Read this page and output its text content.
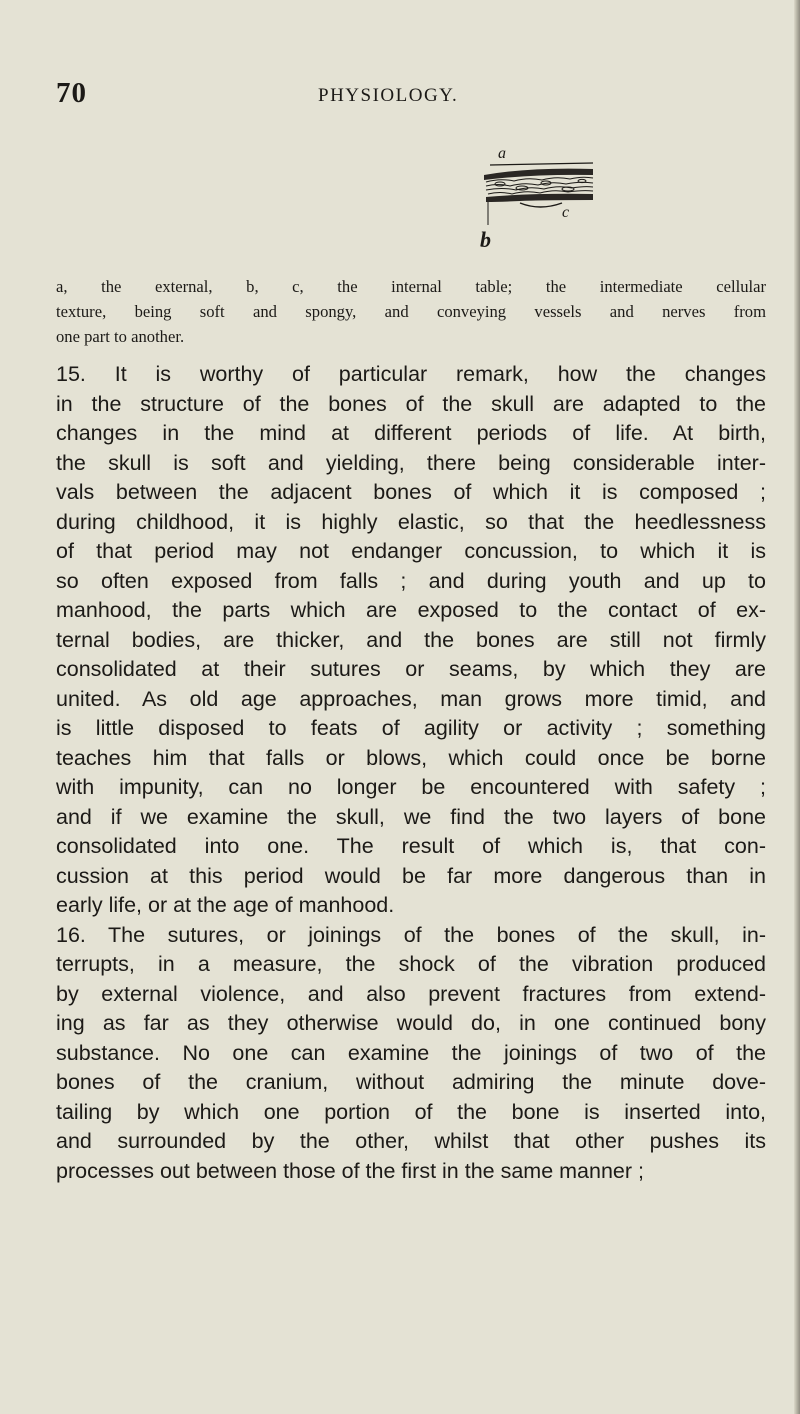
70	PHYSIOLOGY.
a
b
c
a, the external, b, c, the internal table; the intermediate cellular
texture, being soft and spongy, and conveying vessels and nerves from
one part to another.
15. It is worthy of particular remark, how the changes
in the structure of the bones of the skull are adapted to the
changes in the mind at different periods of life. At birth,
the skull is soft and yielding, there being considerable inter-
vals between the adjacent bones of which it is composed ;
during childhood, it is highly elastic, so that the heedlessness
of that period may not endanger concussion, to which it is
so often exposed from falls ; and during youth and up to
manhood, the parts which are exposed to the contact of ex-
ternal bodies, are thicker, and the bones are still not firmly
consolidated at their sutures or seams, by which they are
united. As old age approaches, man grows more timid, and
is little disposed to feats of agility or activity ; something
teaches him that falls or blows, which could once be borne
with impunity, can no longer be encountered with safety ;
and if we examine the skull, we find the two layers of bone
consolidated into one. The result of which is, that con-
cussion at this period would be far more dangerous than in
early life, or at the age of manhood.
16. The sutures, or joinings of the bones of the skull, in-
terrupts, in a measure, the shock of the vibration produced
by external violence, and also prevent fractures from extend-
ing as far as they otherwise would do, in one continued bony
substance. No one can examine the joinings of two of the
bones of the cranium, without admiring the minute dove-
tailing by which one portion of the bone is inserted into,
and surrounded by the other, whilst that other pushes its
processes out between those of the first in the same manner ;
